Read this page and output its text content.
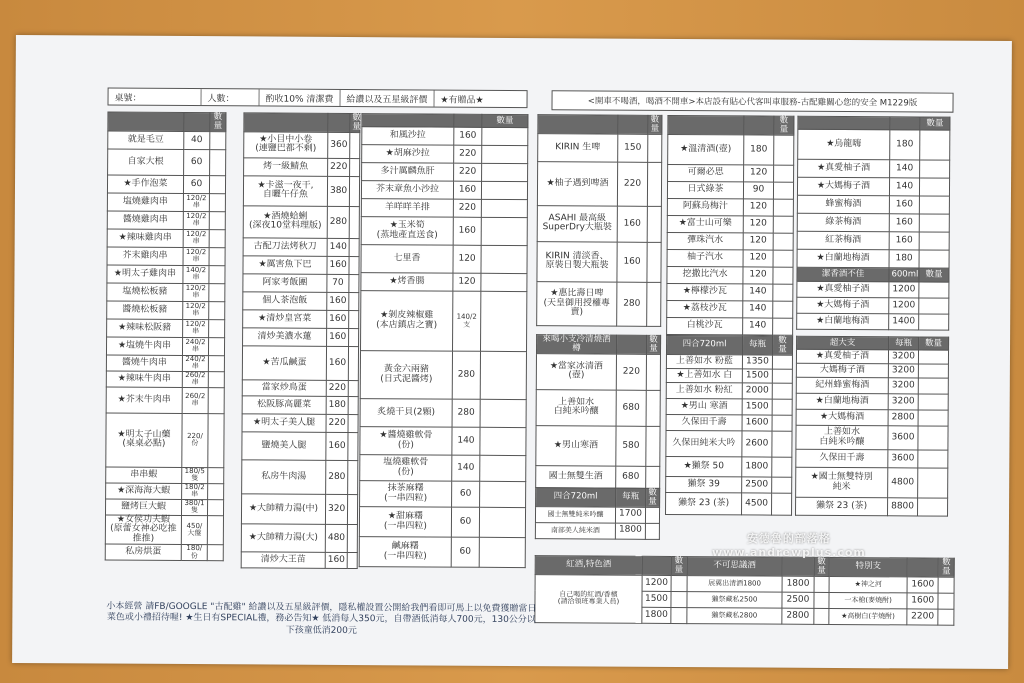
桌號：	人數：	酌收10% 清潔費	給讚以及五星級評價	★有贈品★	<開車不喝酒，喝酒不開車>本店設有貼心代客叫車服務-古配雞關心您的安全 M1229版
		數量
就是毛豆	40	
自家大根	60	
★手作泡菜	60	
塩燒雞肉串	120/2串	
醬燒雞肉串	120/2串	
★辣味雞肉串	120/2串	
芥末雞肉串	120/2串	
★明太子雞肉串	140/2串	
塩燒松板豬	120/2串	
醬燒松板豬	120/2串	
★辣味松阪豬	120/2串	
★塩燒牛肉串	240/2串	
醬燒牛肉串	240/2串	
★辣味牛肉串	260/2串	
★芥末牛肉串	260/2串	
★明太子山藥
(桌桌必點)	220/份	
串串蝦	180/5隻	
★深海海大蝦	180/2串	
鹽烤巨大蝦	380/1隻	
★女侯功夫蝦
(原蕾女神必吃推推推)	450/大盤	
私房烘蛋	180/份	
		數量
★小目中小卷
(連鹽巴都不剩)	360	
烤一級鯖魚	220	
★卡滋一夜干,
自曬午仔魚	380	
★酒燒蛤蜊
(深夜10堂料理版)	280	
古配刀法烤秋刀	140	
★厲害魚下巴	160	
阿家考飯團	70	
個人茶泡飯	160	
★清炒皇宮菜	160	
清炒美濃水蓮	160	
★苦瓜鹹蛋	160	
當家炒鳥蛋	220	
松阪豚高麗菜	180	
★明太子美人腿	220	
鹽燒美人腿	160	
私房牛肉湯	280	
★大帥精力湯(中)	320	
★大帥精力湯(大)	480	
清炒大王苗	160	
		數量
和風沙拉	160	
★胡麻沙拉	220	
多汁厲麟魚肝	220	
芥末章魚小沙拉	160	
羊咩咩羊排	220	
★玉米筍
(蒸地產直送食)	160	
七里香	120	
★烤香腸	120	
★剝皮辣椒雞
(本店鎮店之寶)	140/2支	
黃金六兩豬
(日式泥醬烤)	280	
炙燒干貝(2顆)	280	
★醬燒雞軟骨
(份)	140	
塩燒雞軟骨
(份)	140	
抹茶麻糬
(一串四粒)	60	
★甜麻糬
(一串四粒)	60	
鹹麻糬
(一串四粒)	60	
		數量
KIRIN 生啤	150	
★柚子遇到啤酒	220	
ASAHI 最高級
SuperDry大瓶裝	160	
KIRIN 清淡香、
原裝日製大瓶裝	160	
★惠比壽日啤
(天皇御用授權專賣)	280	
		數量
★溫清酒(壺)	180	
可爾必思	120	
日式綠茶	90	
阿蘇烏梅汁	120	
★富士山可樂	120	
彈珠汽水	120	
柚子汽水	120	
挖撒比汽水	120	
★檸檬沙瓦	140	
★荔枝沙瓦	140	
白桃沙瓦	140	
		數量
★烏龍嗨	180	
★真愛柚子酒	140	
★大媽梅子酒	140	
蜂蜜梅酒	160	
綠茶梅酒	160	
紅茶梅酒	160	
★白蘭地梅酒	180	
潔香酒不佳	600ml	數量
★真愛柚子酒	1200	
★大媽梅子酒	1200	
★白蘭地梅酒	1400	
來喝小支冷清燒酒樽		數量
★當家冰清酒
(壺)	220	
上善如水
白純米吟釀	680	
★男山寒酒	580	
國士無雙生酒	680	
四合720ml	每瓶	數量
國士無雙純米吟釀	1700	
南部美人純米酒	1800	
四合720ml	每瓶	數量
上善如水 粉藍	1350	
★上善如水 白	1500	
上善如水 粉紅	2000	
★男山 寒酒	1500	
久保田千壽	1600	
久保田純米大吟	2600	
★獺祭 50	1800	
獺祭 39	2500	
獺祭 23 (茶)	4500	
超大支	每瓶	數量
★真愛柚子酒	3200	
大媽梅子酒	3200	
紀州蜂蜜梅酒	3200	
★白蘭地梅酒	3200	
★大媽梅酒	2800	
上善如水
白純米吟釀	3600	
久保田千壽	3600	
★國士無雙特別
純米	4800	
獺祭 23 (茶)	8800	
紅酒,特色酒		數量	不可思議酒		數量	特別支		數量
自己喝的紅酒/香檳
(請洽領班專業人員)	1200		展翼出清酒1800	1800		★神之河	1600	
	1500		獺祭藏私2500	2500		一本槍(麥燒酎)	1600	
	1800		獺祭藏私2800	2800		★高樹白(芋燒酎)	2200	
小本經營 請FB/GOOGLE "古配雞" 給讚以及五星級評價，隱私權設置公開給我們看即可馬上以免費獲贈當日菜色或小禮招待喔! ★生日有SPECIAL禮，務必告知★ 低消每人350元，自帶酒低消每人700元，130公分以下孩童低消200元
安德魯的部落格
www.andrewplus.com
